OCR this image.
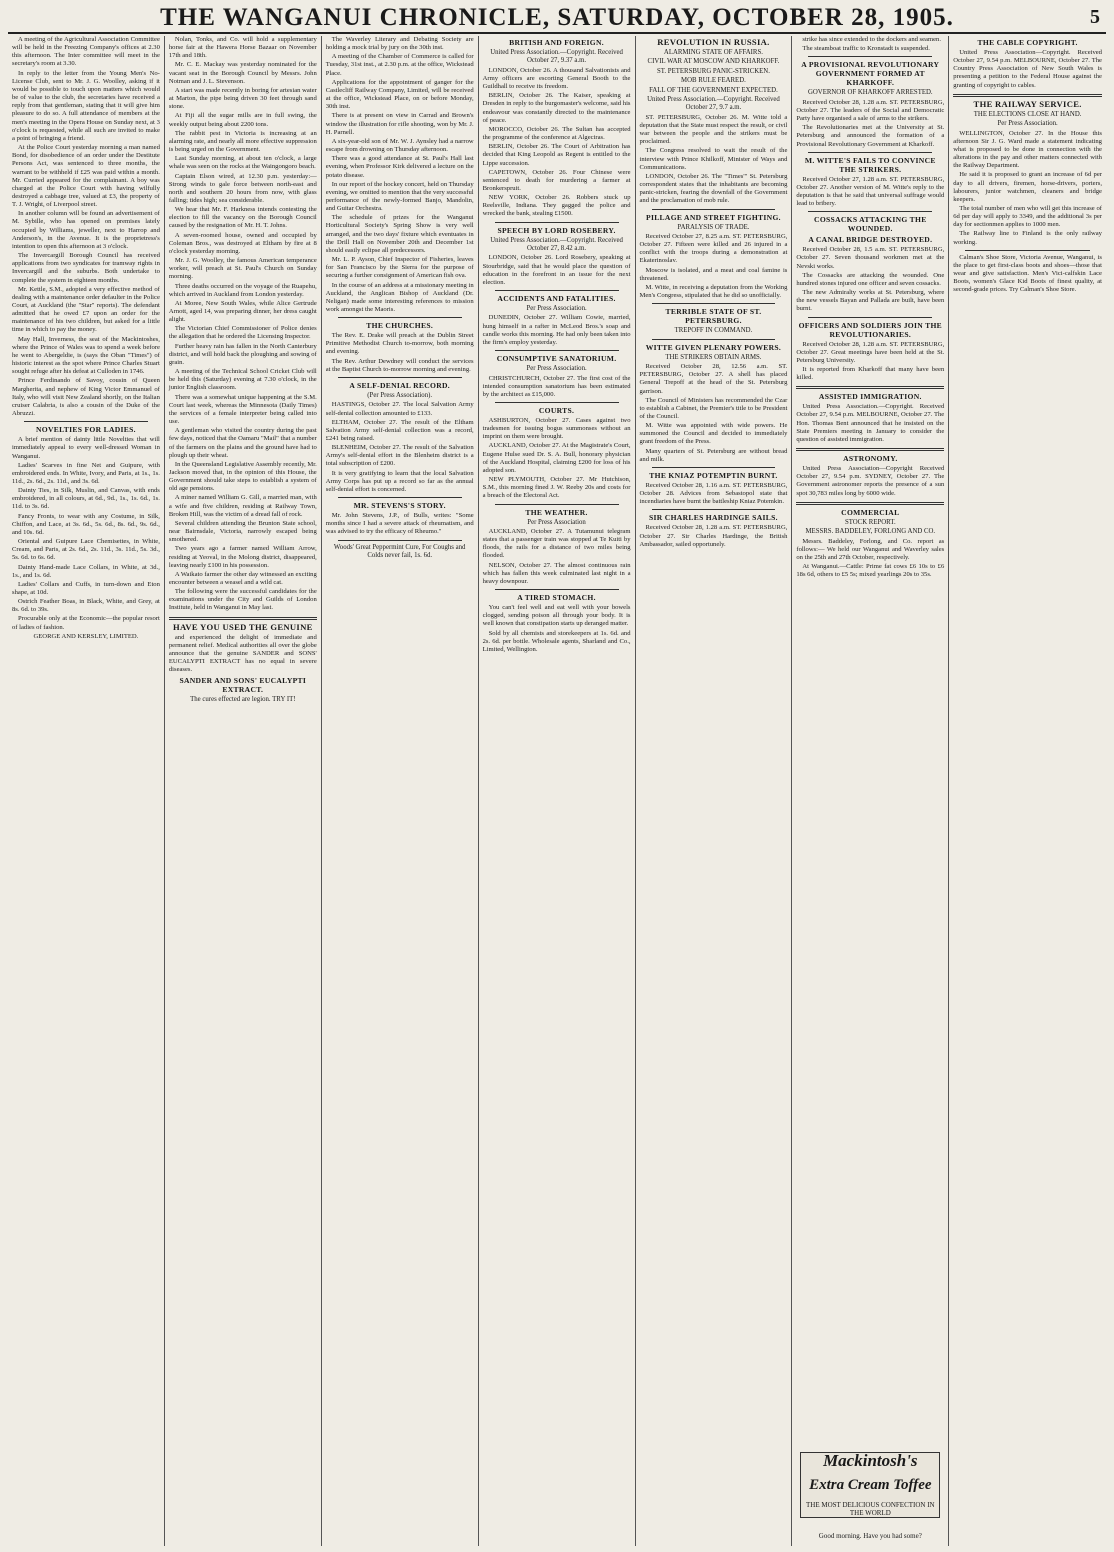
THE WANGANUI CHRONICLE, SATURDAY, OCTOBER 28, 1905.	5

A meeting of the Agricultural Association Committee will be held in the Freezing Company's offices at 2.30 this afternoon. The Inter committee will meet in the secretary's room at 3.30.

In reply to the letter from the Young Men's No-License Club, sent to Mr. J. G. Woolley, asking if it would be possible to touch upon matters which would be of value to the club, the secretaries have received a reply from that gentleman, stating that it will give him pleasure to do so. A full attendance of members at the men's meeting in the Opera House on Sunday next, at 3 o'clock is requested, while all such are invited to make a point of bringing a friend.

At the Police Court yesterday morning a man named Bond, for disobedience of an order under the Destitute Persons Act, was sentenced to three months, the warrant to be withheld if £25 was paid within a month. Mr. Curried appeared for the complainant. A boy was charged at the Police Court with having wilfully destroyed a cabbage tree, valued at £3, the property of T. J. Wright, of Liverpool street.

In another column will be found an advertisement of M. Sybille, who has opened on premises lately occupied by Williams, jeweller, next to Harrop and Anderson's, in the Avenue. It is the proprietress's intention to open this afternoon at 3 o'clock.

The Invercargill Borough Council has received applications from two syndicates for tramway rights in Invercargill and the suburbs. Both undertake to complete the system in eighteen months.

Mr. Kettle, S.M., adopted a very effective method of dealing with a maintenance order defaulter in the Police Court, at Auckland (the "Star" reports). The defendant admitted that he owed £7 upon an order for the maintenance of his two children, but asked for a little time in which to pay the money.

May Hall, Inverness, the seat of the Mackintoshes, where the Prince of Wales was to spend a week before he went to Abergeldie, is (says the Oban "Times") of historic interest as the spot where Prince Charles Stuart sought refuge after his defeat at Culloden in 1746.

Prince Ferdinando of Savoy, cousin of Queen Margherita, and nephew of King Victor Emmanuel of Italy, who will visit New Zealand shortly, on the Italian cruiser Calabria, is also a cousin of the Duke of the Abruzzi.

NOVELTIES FOR LADIES.

A brief mention of dainty little Novelties that will immediately appeal to every well-dressed Woman in Wanganui.

Ladies' Scarves in fine Net and Guipure, with embroidered ends. In White, Ivory, and Paris, at 1s., 1s. 11d., 2s. 6d., 2s. 11d., and 3s. 6d.

Dainty Ties, in Silk, Muslin, and Canvas, with ends embroidered, in all colours, at 6d., 9d., 1s., 1s. 6d., 1s. 11d. to 3s. 6d.

Fancy Fronts, to wear with any Costume, in Silk, Chiffon, and Lace, at 3s. 6d., 5s. 6d., 8s. 6d., 9s. 6d., and 10s. 6d.

Oriental and Guipure Lace Chemisettes, in White, Cream, and Paris, at 2s. 6d., 2s. 11d., 3s. 11d., 5s. 3d., 5s. 6d. to 6s. 6d.

Dainty Hand-made Lace Collars, in White, at 3d., 1s., and 1s. 6d.

Ladies' Collars and Cuffs, in turn-down and Eton shape, at 10d.

Ostrich Feather Boas, in Black, White, and Grey, at 8s. 6d. to 39s.

Procurable only at the Economic—the popular resort of ladies of fashion.

GEORGE AND KERSLEY, LIMITED.

Nolan, Tonks, and Co. will hold a supplementary horse fair at the Hawera Horse Bazaar on November 17th and 18th.

Mr. C. E. Mackay was yesterday nominated for the vacant seat in the Borough Council by Messrs. John Notman and J. L. Stevenson.

A start was made recently in boring for artesian water at Marton, the pipe being driven 30 feet through sand stone.

At Fiji all the sugar mills are in full swing, the weekly output being about 2200 tons.

The rabbit pest in Victoria is increasing at an alarming rate, and nearly all more effective suppression is being urged on the Government.

Last Sunday morning, at about ten o'clock, a large whale was seen on the rocks at the Waingongoro beach.

Captain Elson wired, at 12.30 p.m. yesterday:—Strong winds to gale force between north-east and north and southern 20 hours from now, with glass falling; tides high; sea considerable.

We hear that Mr. F. Harkness intends contesting the election to fill the vacancy on the Borough Council caused by the resignation of Mr. H. T. Johns.

A seven-roomed house, owned and occupied by Coleman Bros., was destroyed at Eltham by fire at 8 o'clock yesterday morning.

Mr. J. G. Woolley, the famous American temperance worker, will preach at St. Paul's Church on Sunday morning.

Three deaths occurred on the voyage of the Ruapehu, which arrived in Auckland from London yesterday.

At Moree, New South Wales, while Alice Gertrude Arnott, aged 14, was preparing dinner, her dress caught alight.

The Victorian Chief Commissioner of Police denies the allegation that he ordered the Licensing Inspector.

Further heavy rain has fallen in the North Canterbury district, and will hold back the ploughing and sowing of grain.

A meeting of the Technical School Cricket Club will be held this (Saturday) evening at 7.30 o'clock, in the junior English classroom.

There was a somewhat unique happening at the S.M. Court last week, whereas the Minnesota (Daily Times) the services of a female interpreter being called into use.

A gentleman who visited the country during the past few days, noticed that the Oamaru "Mail" that a number of the farmers on the plains and the ground have had to plough up their wheat.

In the Queensland Legislative Assembly recently, Mr. Jackson moved that, in the opinion of this House, the Government should take steps to establish a system of old age pensions.

A miner named William G. Gill, a married man, with a wife and five children, residing at Railway Town, Broken Hill, was the victim of a dread fall of rock.

Several children attending the Brunton State school, near Bairnsdale, Victoria, narrowly escaped being smothered.

Two years ago a farmer named William Arrow, residing at Yeoval, in the Molong district, disappeared, leaving nearly £100 in his possession.

A Waikato farmer the other day witnessed an exciting encounter between a weasel and a wild cat.

The following were the successful candidates for the examinations under the City and Guilds of London Institute, held in Wanganui in May last.

HAVE YOU USED THE GENUINE

and experienced the delight of immediate and permanent relief. Medical authorities all over the globe announce that the genuine SANDER and SONS' EUCALYPTI EXTRACT has no equal in severe diseases.

SANDER AND SONS' EUCALYPTI EXTRACT.
The cures effected are legion. TRY IT!

The Waverley Literary and Debating Society are holding a mock trial by jury on the 30th inst.

A meeting of the Chamber of Commerce is called for Tuesday, 31st inst., at 2.30 p.m. at the office, Wickstead Place.

Applications for the appointment of ganger for the Castlecliff Railway Company, Limited, will be received at the office, Wickstead Place, on or before Monday, 30th inst.

There is at present on view in Carrad and Brown's window the illustration for rifle shooting, won by Mr. J. H. Parnell.

A six-year-old son of Mr. W. J. Aynsley had a narrow escape from drowning on Thursday afternoon.

There was a good attendance at St. Paul's Hall last evening, when Professor Kirk delivered a lecture on the potato disease.

In our report of the hockey concert, held on Thursday evening, we omitted to mention that the very successful performance of the newly-formed Banjo, Mandolin, and Guitar Orchestra.

The schedule of prizes for the Wanganui Horticultural Society's Spring Show is very well arranged, and the two days' fixture which eventuates in the Drill Hall on November 20th and December 1st should easily eclipse all predecessors.

Mr. L. P. Ayson, Chief Inspector of Fisheries, leaves for San Francisco by the Sierra for the purpose of securing a further consignment of American fish ova.

In the course of an address at a missionary meeting in Auckland, the Anglican Bishop of Auckland (Dr. Neligan) made some interesting references to mission work amongst the Maoris.

THE CHURCHES.

The Rev. E. Drake will preach at the Dublin Street Primitive Methodist Church to-morrow, both morning and evening.

The Rev. Arthur Dewdney will conduct the services at the Baptist Church to-morrow morning and evening.

A SELF-DENIAL RECORD.
(Per Press Association).

HASTINGS, October 27. The local Salvation Army self-denial collection amounted to £133.

ELTHAM, October 27. The result of the Eltham Salvation Army self-denial collection was a record, £241 being raised.

BLENHEIM, October 27. The result of the Salvation Army's self-denial effort in the Blenheim district is a total subscription of £200.

It is very gratifying to learn that the local Salvation Army Corps has put up a record so far as the annual self-denial effort is concerned.

MR. STEVENS'S STORY.

Mr. John Stevens, J.P., of Bulls, writes: "Some months since I had a severe attack of rheumatism, and was advised to try the efficacy of Rheumo."

Woods' Great Peppermint Cure, For Coughs and Colds never fail, 1s. 6d.
BRITISH AND FOREIGN.
United Press Association.—Copyright. Received October 27, 9.37 a.m.

LONDON, October 26. A thousand Salvationists and Army officers are escorting General Booth to the Guildhall to receive its freedom.

BERLIN, October 26. The Kaiser, speaking at Dresden in reply to the burgomaster's welcome, said his endeavour was constantly directed to the maintenance of peace.

MOROCCO, October 26. The Sultan has accepted the programme of the conference at Algeciras.

BERLIN, October 26. The Court of Arbitration has decided that King Leopold as Regent is entitled to the Lippe succession.

CAPETOWN, October 26. Four Chinese were sentenced to death for murdering a farmer at Bronkerspruit.

NEW YORK, October 26. Robbers stuck up Reelsville, Indiana. They gagged the police and wrecked the bank, stealing £1500.

SPEECH BY LORD ROSEBERY.
United Press Association.—Copyright. Received October 27, 8.42 a.m.

LONDON, October 26. Lord Rosebery, speaking at Stourbridge, said that he would place the question of education in the forefront in an issue for the next election.

ACCIDENTS AND FATALITIES.
Per Press Association.

DUNEDIN, October 27. William Cowie, married, hung himself in a rafter in McLeod Bros.'s soap and candle works this morning. He had only been taken into the firm's employ yesterday.

CONSUMPTIVE SANATORIUM.
Per Press Association.

CHRISTCHURCH, October 27. The first cost of the intended consumption sanatorium has been estimated by the architect as £15,000.

COURTS.

ASHBURTON, October 27. Cases against two tradesmen for issuing bogus summonses without an imprint on them were brought.

AUCKLAND, October 27. At the Magistrate's Court, Eugene Hulse sued Dr. S. A. Bull, honorary physician of the Auckland Hospital, claiming £200 for loss of his adopted son.

NEW PLYMOUTH, October 27. Mr Hutchison, S.M., this morning fined J. W. Reeby 20s and costs for a breach of the Electoral Act.

THE WEATHER.
Per Press Association

AUCKLAND, October 27. A Tutamunui telegram states that a passenger train was stopped at Te Kuiti by floods, the rails for a distance of two miles being flooded.

NELSON, October 27. The almost continuous rain which has fallen this week culminated last night in a heavy downpour.

A TIRED STOMACH.

You can't feel well and eat well with your bowels clogged, sending poison all through your body. It is well known that constipation starts up deranged matter.

Sold by all chemists and storekeepers at 1s. 6d. and 2s. 6d. per bottle. Wholesale agents, Sharland and Co., Limited, Wellington.

REVOLUTION IN RUSSIA.
ALARMING STATE OF AFFAIRS.
CIVIL WAR AT MOSCOW AND KHARKOFF.
ST. PETERSBURG PANIC-STRICKEN.
MOB RULE FEARED.
FALL OF THE GOVERNMENT EXPECTED.
United Press Association.—Copyright. Received October 27, 9.7 a.m.

ST. PETERSBURG, October 26. M. Witte told a deputation that the State must respect the result, or civil war between the people and the strikers must be proclaimed.

The Congress resolved to wait the result of the interview with Prince Khilkoff, Minister of Ways and Communications.

LONDON, October 26. The "Times'" St. Petersburg correspondent states that the inhabitants are becoming panic-stricken, fearing the downfall of the Government and the proclamation of mob rule.

PILLAGE AND STREET FIGHTING.
PARALYSIS OF TRADE.

Received October 27, 8.25 a.m. ST. PETERSBURG, October 27. Fifteen were killed and 26 injured in a conflict with the troops during a demonstration at Ekaterinoslav.

Moscow is isolated, and a meat and coal famine is threatened.

M. Witte, in receiving a deputation from the Working Men's Congress, stipulated that he did so unofficially.

TERRIBLE STATE OF ST. PETERSBURG.
TREPOFF IN COMMAND.
WITTE GIVEN PLENARY POWERS.
THE STRIKERS OBTAIN ARMS.

Received October 28, 12.56 a.m. ST. PETERSBURG, October 27. A shell has placed General Trepoff at the head of the St. Petersburg garrison.

The Council of Ministers has recommended the Czar to establish a Cabinet, the Premier's title to be President of the Council.

M. Witte was appointed with wide powers. He summoned the Council and decided to immediately grant freedom of the Press.

Many quarters of St. Petersburg are without bread and milk.

THE KNIAZ POTEMPTIN BURNT.

Received October 28, 1.16 a.m. ST. PETERSBURG, October 28. Advices from Sebastopol state that incendiaries have burnt the battleship Kniaz Potemkin.

SIR CHARLES HARDINGE SAILS.

Received October 28, 1.28 a.m. ST. PETERSBURG, October 27. Sir Charles Hardinge, the British Ambassador, sailed opportunely.

strike has since extended to the dockers and seamen.

The steamboat traffic to Kronstadt is suspended.

A PROVISIONAL REVOLUTIONARY GOVERNMENT FORMED AT KHARKOFF.
GOVERNOR OF KHARKOFF ARRESTED.

Received October 28, 1.28 a.m. ST. PETERSBURG, October 27. The leaders of the Social and Democratic Party have organised a sale of arms to the strikers.

The Revolutionaries met at the University at St. Petersburg and announced the formation of a Provisional Revolutionary Government at Kharkoff.

M. WITTE'S FAILS TO CONVINCE THE STRIKERS.

Received October 27, 1.28 a.m. ST. PETERSBURG, October 27. Another version of M. Witte's reply to the deputation is that he said that universal suffrage would lead to bribery.

COSSACKS ATTACKING THE WOUNDED.
A CANAL BRIDGE DESTROYED.

Received October 28, 1.5 a.m. ST. PETERSBURG, October 27. Seven thousand workmen met at the Nevski works.

The Cossacks are attacking the wounded. One hundred stones injured one officer and seven cossacks.

The new Admiralty works at St. Petersburg, where the new vessels Bayan and Pallada are built, have been burnt.

OFFICERS AND SOLDIERS JOIN THE REVOLUTIONARIES.

Received October 28, 1.28 a.m. ST. PETERSBURG, October 27. Great meetings have been held at the St. Petersburg University.

It is reported from Kharkoff that many have been killed.

ASSISTED IMMIGRATION.

United Press Association.—Copyright. Received October 27, 9.54 p.m. MELBOURNE, October 27. The Hon. Thomas Bent announced that he insisted on the State Premiers meeting in January to consider the question of assisted immigration.

ASTRONOMY.

United Press Association—Copyright Received October 27, 9.54 p.m. SYDNEY, October 27. The Government astronomer reports the presence of a sun spot 30,783 miles long by 6000 wide.

COMMERCIAL
STOCK REPORT.
MESSRS. BADDELEY, FORLONG AND CO.

Messrs. Baddeley, Forlong, and Co. report as follows:— We held our Wanganui and Waverley sales on the 25th and 27th October, respectively.

At Wanganui.—Cattle: Prime fat cows £6 10s to £6 18s 6d, others to £5 5s; mixed yearlings 20s to 35s.

Mackintosh's
Extra Cream Toffee
THE MOST DELICIOUS CONFECTION IN THE WORLD
Good morning. Have you had some?
THE CABLE COPYRIGHT.

United Press Association—Copyright. Received October 27, 9.54 p.m. MELBOURNE, October 27. The Country Press Association of New South Wales is presenting a petition to the Federal House against the granting of copyright to cables.

THE RAILWAY SERVICE.
THE ELECTIONS CLOSE AT HAND.
Per Press Association.

WELLINGTON, October 27. In the House this afternoon Sir J. G. Ward made a statement indicating what is proposed to be done in connection with the alterations in the pay and other matters connected with the Railway Department.

He said it is proposed to grant an increase of 6d per day to all drivers, firemen, horse-drivers, porters, labourers, junior watchmen, cleaners and bridge keepers.

The total number of men who will get this increase of 6d per day will apply to 3349, and the additional 3s per day for sectionmen applies to 1000 men.

The Railway line to Finland is the only railway working.

Calman's Shoe Store, Victoria Avenue, Wanganui, is the place to get first-class boots and shoes—those that wear and give satisfaction. Men's Vici-calfskin Lace Boots, women's Glace Kid Boots of finest quality, at second-grade prices. Try Calman's Shoe Store.
